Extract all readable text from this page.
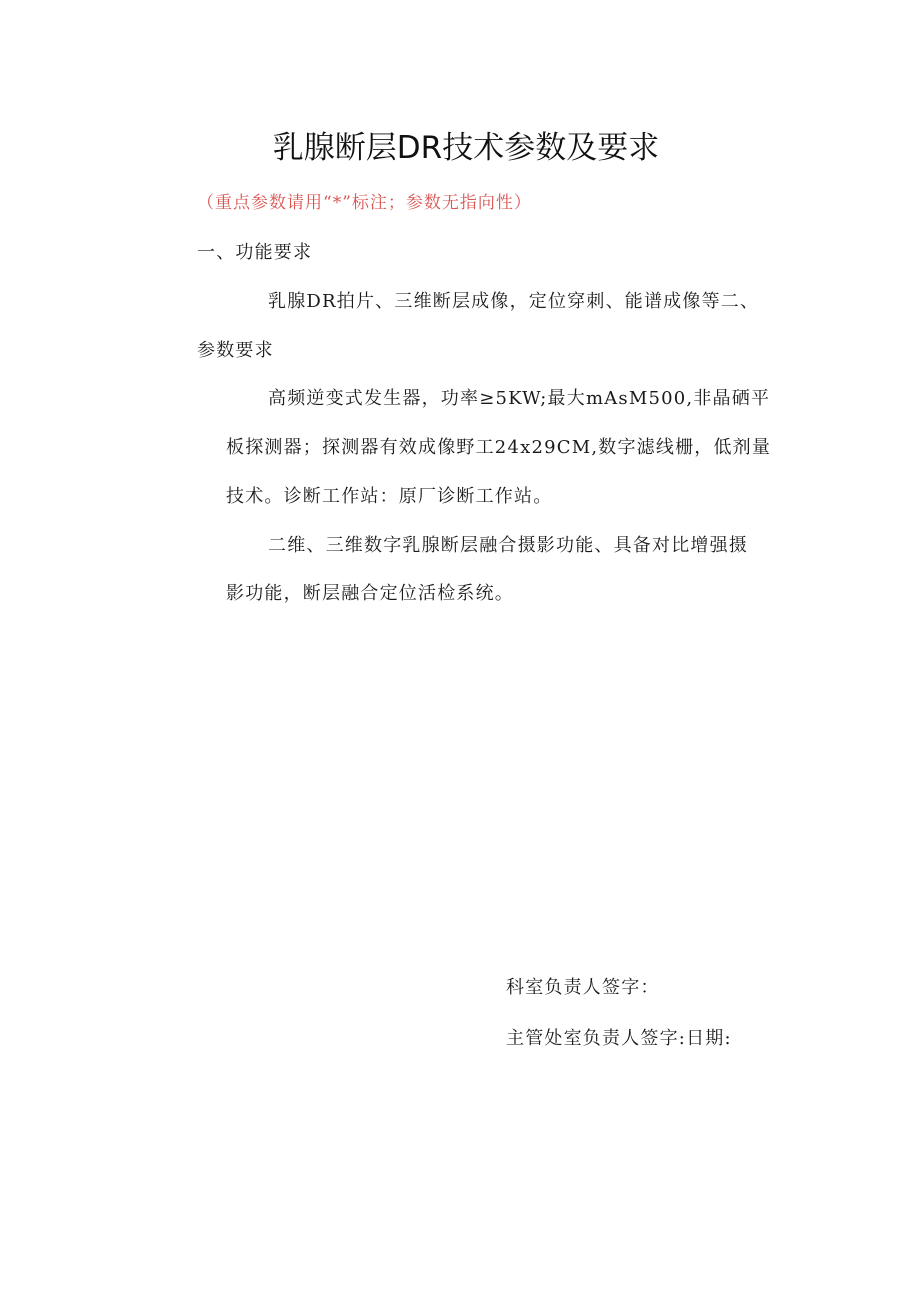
乳腺断层DR技术参数及要求
（重点参数请用“*”标注；参数无指向性）
一、功能要求
乳腺DR拍片、三维断层成像，定位穿刺、能谱成像等二、
参数要求
高频逆变式发生器，功率≥5KW;最大mAsM500,非晶硒平
板探测器；探测器有效成像野工24x29CM,数字滤线栅，低剂量
技术。诊断工作站：原厂诊断工作站。
二维、三维数字乳腺断层融合摄影功能、具备对比增强摄
影功能，断层融合定位活检系统。
科室负责人签字：
主管处室负责人签字:日期:
